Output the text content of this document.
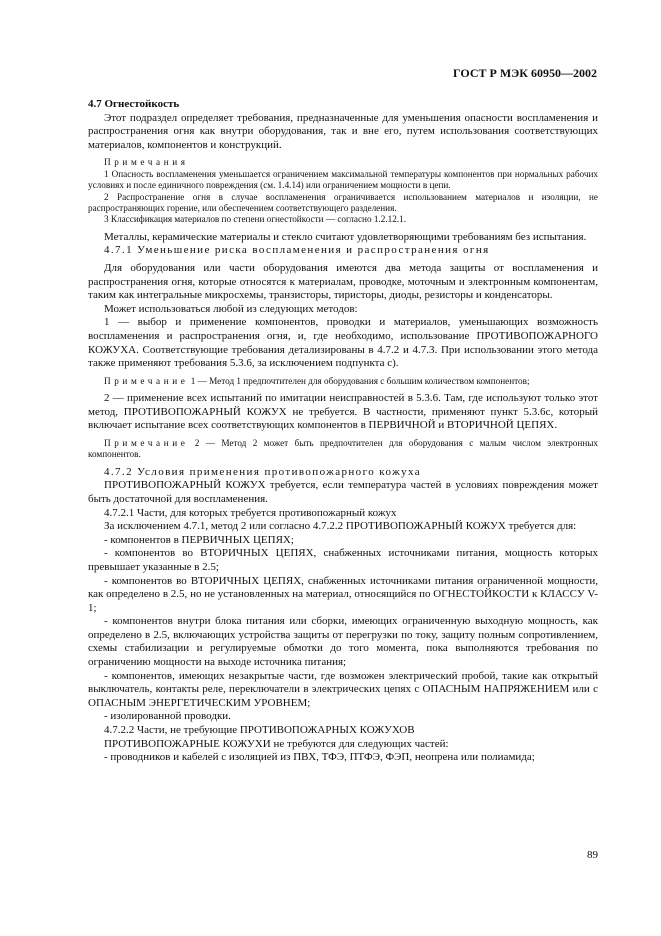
ГОСТ Р МЭК 60950—2002

4.7 Огнестойкость

Этот подраздел определяет требования, предназначенные для уменьшения опасности воспламенения и распространения огня как внутри оборудования, так и вне его, путем использования соответствующих материалов, компонентов и конструкций.

Примечания

1 Опасность воспламенения уменьшается ограничением максимальной температуры компонентов при нормальных рабочих условиях и после единичного повреждения (см. 1.4.14) или ограничением мощности в цепи.

2 Распространение огня в случае воспламенения ограничивается использованием материалов и изоляции, не распространяющих горение, или обеспечением соответствующего разделения.

3 Классификация материалов по степени огнестойкости — согласно 1.2.12.1.

Металлы, керамические материалы и стекло считают удовлетворяющими требованиям без испытания.

4.7.1 Уменьшение риска воспламенения и распространения огня

Для оборудования или части оборудования имеются два метода защиты от воспламенения и распространения огня, которые относятся к материалам, проводке, моточным и электронным компонентам, таким как интегральные микросхемы, транзисторы, тиристоры, диоды, резисторы и конденсаторы.

Может использоваться любой из следующих методов:

1 — выбор и применение компонентов, проводки и материалов, уменьшающих возможность воспламенения и распространения огня, и, где необходимо, использование ПРОТИВОПОЖАРНОГО КОЖУХА. Соответствующие требования детализированы в 4.7.2 и 4.7.3. При использовании этого метода также применяют требования 5.3.6, за исключением подпункта с).

Примечание 1 — Метод 1 предпочтителен для оборудования с большим количеством компонентов;

2 — применение всех испытаний по имитации неисправностей в 5.3.6. Там, где используют только этот метод, ПРОТИВОПОЖАРНЫЙ КОЖУХ не требуется. В частности, применяют пункт 5.3.6с, который включает испытание всех соответствующих компонентов в ПЕРВИЧНОЙ и ВТОРИЧНОЙ ЦЕПЯХ.

Примечание 2 — Метод 2 может быть предпочтителен для оборудования с малым числом электронных компонентов.

4.7.2 Условия применения противопожарного кожуха

ПРОТИВОПОЖАРНЫЙ КОЖУХ требуется, если температура частей в условиях повреждения может быть достаточной для воспламенения.

4.7.2.1 Части, для которых требуется противопожарный кожух

За исключением 4.7.1, метод 2 или согласно 4.7.2.2 ПРОТИВОПОЖАРНЫЙ КОЖУХ требуется для:

- компонентов в ПЕРВИЧНЫХ ЦЕПЯХ;

- компонентов во ВТОРИЧНЫХ ЦЕПЯХ, снабженных источниками питания, мощность которых превышает указанные в 2.5;

- компонентов во ВТОРИЧНЫХ ЦЕПЯХ, снабженных источниками питания ограниченной мощности, как определено в 2.5, но не установленных на материал, относящийся по ОГНЕСТОЙКОСТИ к КЛАССУ V-1;

- компонентов внутри блока питания или сборки, имеющих ограниченную выходную мощность, как определено в 2.5, включающих устройства защиты от перегрузки по току, защиту полным сопротивлением, схемы стабилизации и регулируемые обмотки до того момента, пока выполняются требования по ограничению мощности на выходе источника питания;

- компонентов, имеющих незакрытые части, где возможен электрический пробой, такие как открытый выключатель, контакты реле, переключатели в электрических цепях с ОПАСНЫМ НАПРЯЖЕНИЕМ или с ОПАСНЫМ ЭНЕРГЕТИЧЕСКИМ УРОВНЕМ;

- изолированной проводки.

4.7.2.2 Части, не требующие ПРОТИВОПОЖАРНЫХ КОЖУХОВ

ПРОТИВОПОЖАРНЫЕ КОЖУХИ не требуются для следующих частей:

- проводников и кабелей с изоляцией из ПВХ, ТФЭ, ПТФЭ, ФЭП, неопрена или полиамида;

89
